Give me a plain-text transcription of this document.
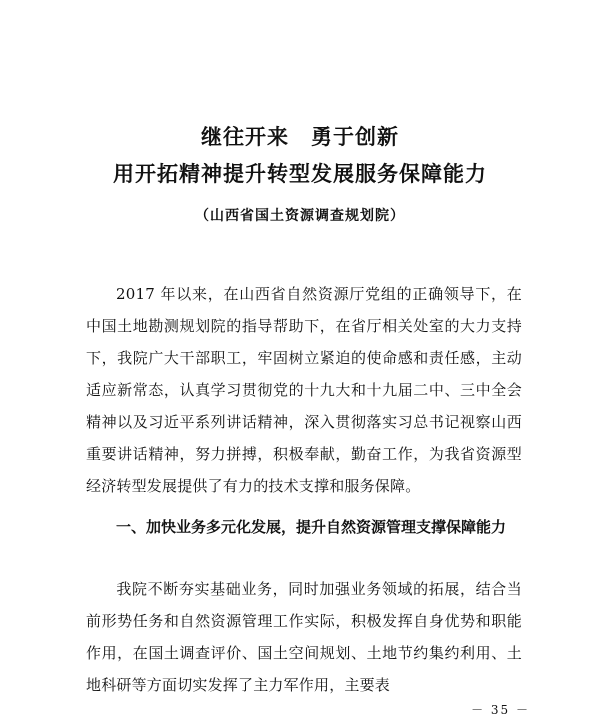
继往开来　勇于创新
用开拓精神提升转型发展服务保障能力
（山西省国土资源调查规划院）

2017 年以来，在山西省自然资源厅党组的正确领导下，在中国土地勘测规划院的指导帮助下，在省厅相关处室的大力支持下，我院广大干部职工，牢固树立紧迫的使命感和责任感，主动适应新常态，认真学习贯彻党的十九大和十九届二中、三中全会精神以及习近平系列讲话精神，深入贯彻落实习总书记视察山西重要讲话精神，努力拼搏，积极奉献，勤奋工作，为我省资源型经济转型发展提供了有力的技术支撑和服务保障。

一、加快业务多元化发展，提升自然资源管理支撑保障能力

我院不断夯实基础业务，同时加强业务领域的拓展，结合当前形势任务和自然资源管理工作实际，积极发挥自身优势和职能作用，在国土调查评价、国土空间规划、土地节约集约利用、土地科研等方面切实发挥了主力军作用，主要表

－ 35 －
